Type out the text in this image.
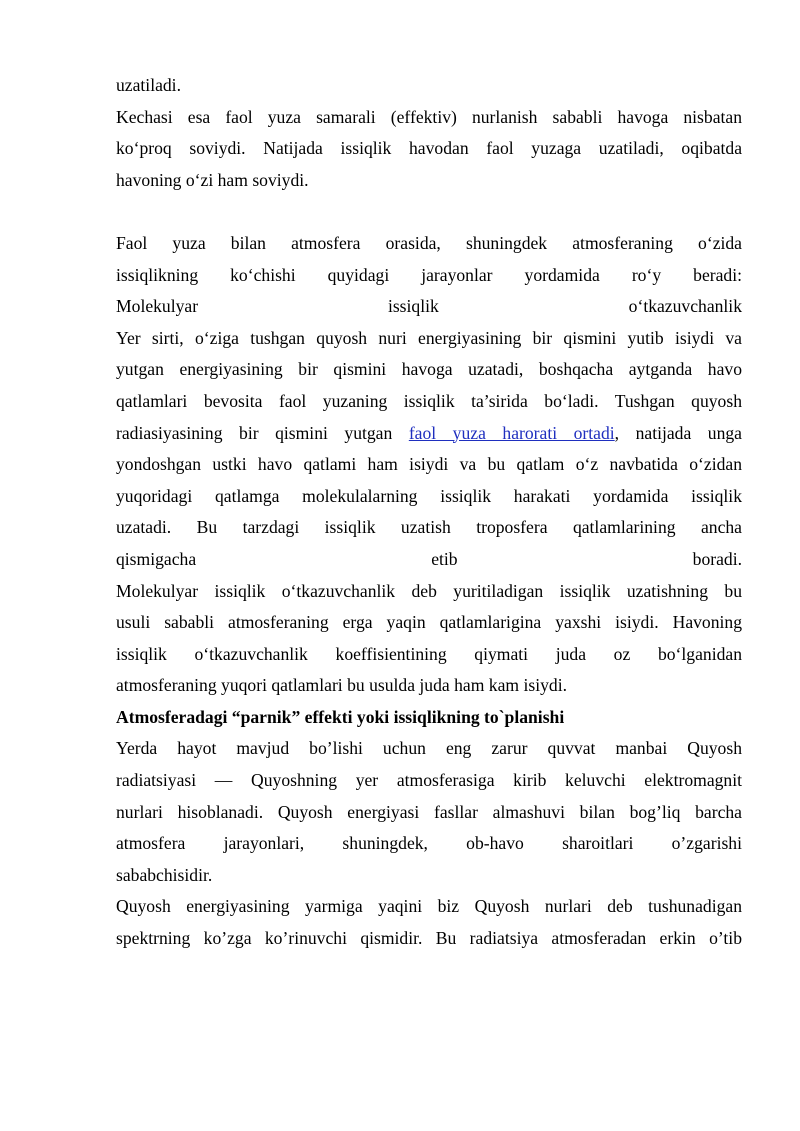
uzatiladi.
Kechasi esa faol yuza samarali (effektiv) nurlanish sababli havoga nisbatan
ko‘proq soviydi. Natijada issiqlik havodan faol yuzaga uzatiladi, oqibatda
havoning o‘zi ham soviydi.
Faol yuza bilan atmosfera orasida, shuningdek atmosferaning o‘zida
issiqlikning ko‘chishi quyidagi jarayonlar yordamida ro‘y beradi:
Molekulyar issiqlik o‘tkazuvchanlik
Yer sirti, o‘ziga tushgan quyosh nuri energiyasining bir qismini yutib isiydi va
yutgan energiyasining bir qismini havoga uzatadi, boshqacha aytganda havo
qatlamlari bevosita faol yuzaning issiqlik ta’sirida bo‘ladi. Tushgan quyosh
radiasiyasining bir qismini yutgan faol yuza harorati ortadi, natijada unga
yondoshgan ustki havo qatlami ham isiydi va bu qatlam o‘z navbatida o‘zidan
yuqoridagi qatlamga molekulalarning issiqlik harakati yordamida issiqlik
uzatadi. Bu tarzdagi issiqlik uzatish troposfera qatlamlarining ancha
qismigacha etib boradi.
Molekulyar issiqlik o‘tkazuvchanlik deb yuritiladigan issiqlik uzatishning bu
usuli sababli atmosferaning erga yaqin qatlamlarigina yaxshi isiydi. Havoning
issiqlik o‘tkazuvchanlik koeffisientining qiymati juda oz bo‘lganidan
atmosferaning yuqori qatlamlari bu usulda juda ham kam isiydi.
Atmosferadagi “parnik” effekti yoki issiqlikning to`planishi
Yerda hayot mavjud bo’lishi uchun eng zarur quvvat manbai Quyosh
radiatsiyasi — Quyoshning yer atmosferasiga kirib keluvchi elektromagnit
nurlari hisoblanadi. Quyosh energiyasi fasllar almashuvi bilan bog’liq barcha
atmosfera jarayonlari, shuningdek, ob-havo sharoitlari o’zgarishi
sababchisidir.
Quyosh energiyasining yarmiga yaqini biz Quyosh nurlari deb tushunadigan
spektrning ko’zga ko’rinuvchi qismidir. Bu radiatsiya atmosferadan erkin o’tib
